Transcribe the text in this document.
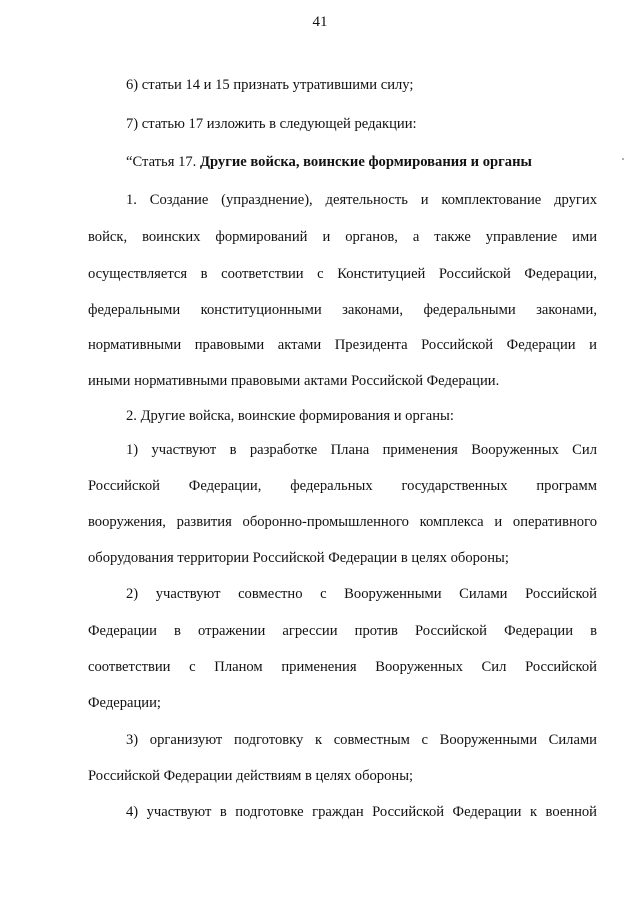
41
6) статьи 14 и 15 признать утратившими силу;
7) статью 17 изложить в следующей редакции:
“Статья 17. Другие войска, воинские формирования и органы
1. Создание (упразднение), деятельность и комплектование других
войск, воинских формирований и органов, а также управление ими
осуществляется в соответствии с Конституцией Российской Федерации,
федеральными конституционными законами, федеральными законами,
нормативными правовыми актами Президента Российской Федерации и
иными нормативными правовыми актами Российской Федерации.
2. Другие войска, воинские формирования и органы:
1) участвуют в разработке Плана применения Вооруженных Сил
Российской Федерации, федеральных государственных программ
вооружения, развития оборонно-промышленного комплекса и оперативного
оборудования территории Российской Федерации в целях обороны;
2) участвуют совместно с Вооруженными Силами Российской
Федерации в отражении агрессии против Российской Федерации в
соответствии с Планом применения Вооруженных Сил Российской
Федерации;
3) организуют подготовку к совместным с Вооруженными Силами
Российской Федерации действиям в целях обороны;
4) участвуют в подготовке граждан Российской Федерации к военной
